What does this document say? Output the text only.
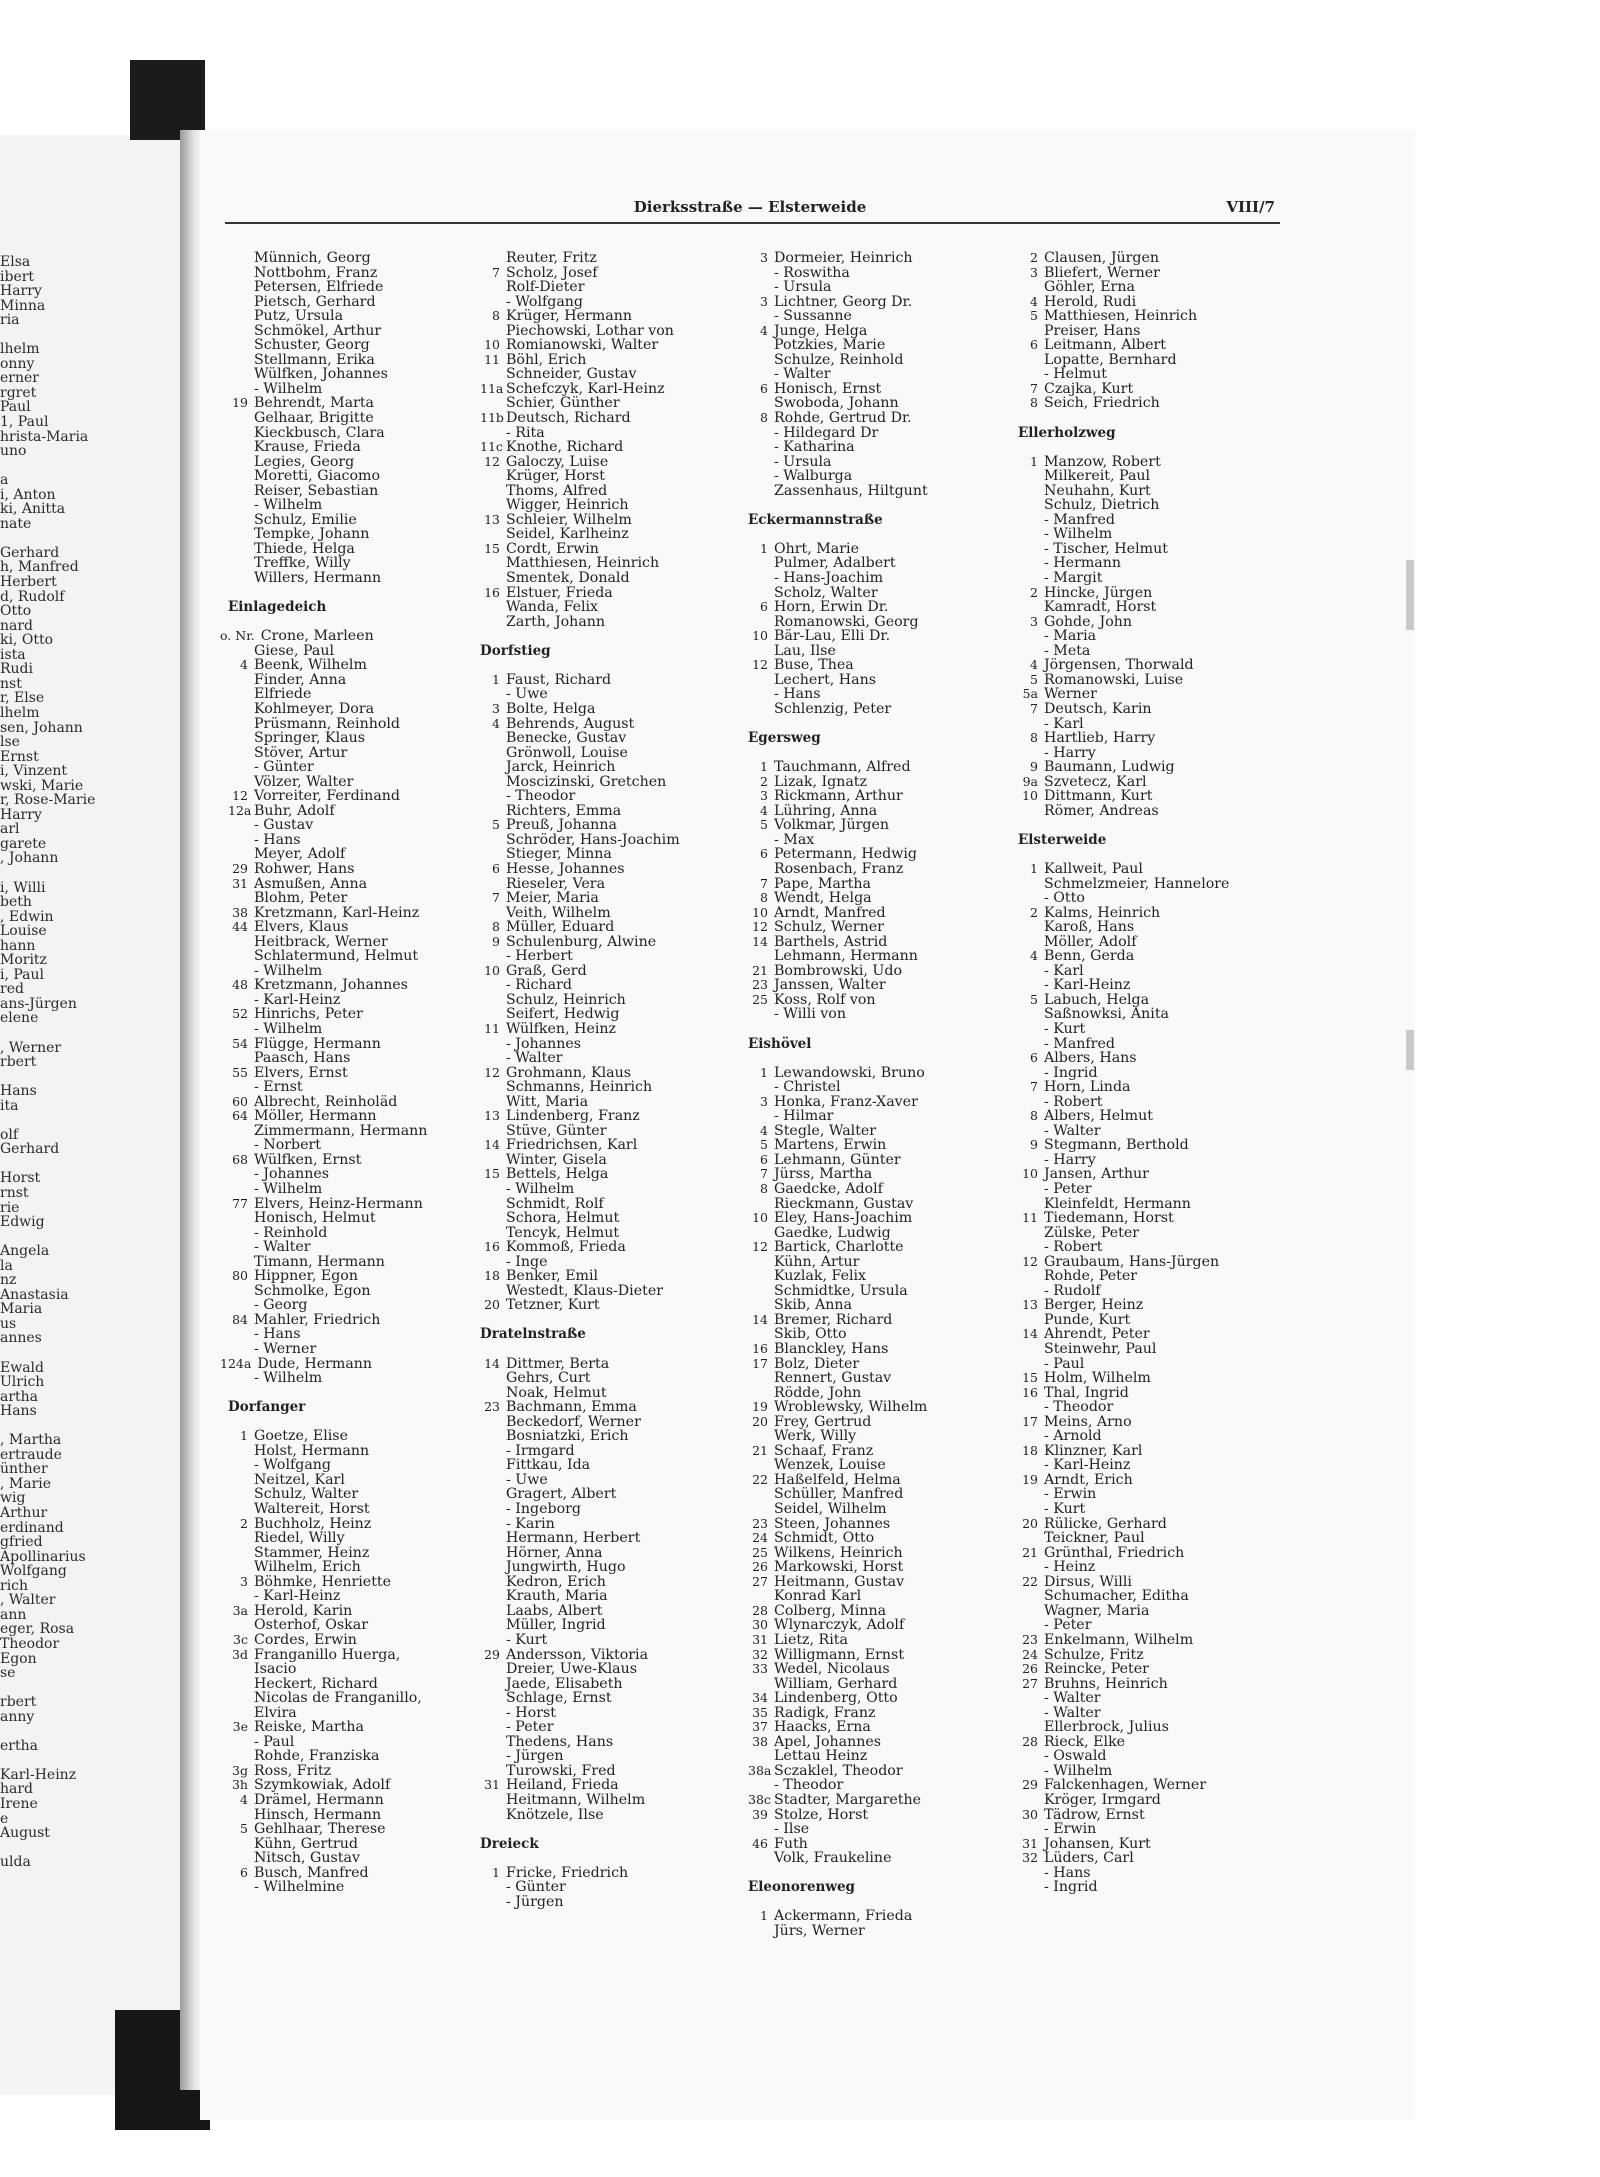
Elsa
ibert
Harry
Minna
ria
lhelm
onny
erner
rgret
Paul
1, Paul
hrista-Maria
uno
a
i, Anton
ki, Anitta
nate
Gerhard
h, Manfred
Herbert
d, Rudolf
Otto
nard
ki, Otto
ista
Rudi
nst
r, Else
lhelm
sen, Johann
lse
Ernst
i, Vinzent
wski, Marie
r, Rose-Marie
Harry
arl
garete
, Johann
i, Willi
beth
, Edwin
Louise
hann
Moritz
i, Paul
red
ans-Jürgen
elene
, Werner
rbert
Hans
ita
olf
Gerhard
Horst
rnst
rie
Edwig
Angela
la
nz
Anastasia
Maria
us
annes
Ewald
Ulrich
artha
Hans
, Martha
ertraude
ünther
, Marie
wig
Arthur
erdinand
gfried
Apollinarius
Wolfgang
rich
, Walter
ann
eger, Rosa
Theodor
Egon
se
rbert
anny
ertha
Karl-Heinz
hard
Irene
e
August
ulda
Dierksstraße — Elsterweide	VIII/7
Münnich, Georg
Nottbohm, Franz
Petersen, Elfriede
Pietsch, Gerhard
Putz, Ursula
Schmökel, Arthur
Schuster, Georg
Stellmann, Erika
Wülfken, Johannes
- Wilhelm
19 Behrendt, Marta
Gelhaar, Brigitte
Kieckbusch, Clara
Krause, Frieda
Legies, Georg
Moretti, Giacomo
Reiser, Sebastian
- Wilhelm
Schulz, Emilie
Tempke, Johann
Thiede, Helga
Treffke, Willy
Willers, Hermann
Einlagedeich
o. Nr. Crone, Marleen
Giese, Paul
4 Beenk, Wilhelm
Finder, Anna
Elfriede
Kohlmeyer, Dora
Prüsmann, Reinhold
Springer, Klaus
Stöver, Artur
- Günter
Völzer, Walter
12 Vorreiter, Ferdinand
12a Buhr, Adolf
- Gustav
- Hans
Meyer, Adolf
29 Rohwer, Hans
31 Asmußen, Anna
Blohm, Peter
38 Kretzmann, Karl-Heinz
44 Elvers, Klaus
Heitbrack, Werner
Schlatermund, Helmut
- Wilhelm
48 Kretzmann, Johannes
- Karl-Heinz
52 Hinrichs, Peter
- Wilhelm
54 Flügge, Hermann
Paasch, Hans
55 Elvers, Ernst
- Ernst
60 Albrecht, Reinholäd
64 Möller, Hermann
Zimmermann, Hermann
- Norbert
68 Wülfken, Ernst
- Johannes
- Wilhelm
77 Elvers, Heinz-Hermann
Honisch, Helmut
- Reinhold
- Walter
Timann, Hermann
80 Hippner, Egon
Schmolke, Egon
- Georg
84 Mahler, Friedrich
- Hans
- Werner
124a Dude, Hermann
- Wilhelm
Dorfanger
1 Goetze, Elise
Holst, Hermann
- Wolfgang
Neitzel, Karl
Schulz, Walter
Waltereit, Horst
2 Buchholz, Heinz
Riedel, Willy
Stammer, Heinz
Wilhelm, Erich
3 Böhmke, Henriette
- Karl-Heinz
3a Herold, Karin
Osterhof, Oskar
3c Cordes, Erwin
3d Franganillo Huerga,
Isacio
Heckert, Richard
Nicolas de Franganillo,
Elvira
3e Reiske, Martha
- Paul
Rohde, Franziska
3g Ross, Fritz
3h Szymkowiak, Adolf
4 Drämel, Hermann
Hinsch, Hermann
5 Gehlhaar, Therese
Kühn, Gertrud
Nitsch, Gustav
6 Busch, Manfred
- Wilhelmine
Reuter, Fritz
7 Scholz, Josef
Rolf-Dieter
- Wolfgang
8 Krüger, Hermann
Piechowski, Lothar von
10 Romianowski, Walter
11 Böhl, Erich
Schneider, Gustav
11a Schefczyk, Karl-Heinz
Schier, Günther
11b Deutsch, Richard
- Rita
11c Knothe, Richard
12 Galoczy, Luise
Krüger, Horst
Thoms, Alfred
Wigger, Heinrich
13 Schleier, Wilhelm
Seidel, Karlheinz
15 Cordt, Erwin
Matthiesen, Heinrich
Smentek, Donald
16 Elstuer, Frieda
Wanda, Felix
Zarth, Johann
Dorfstieg
1 Faust, Richard
- Uwe
3 Bolte, Helga
4 Behrends, August
Benecke, Gustav
Grönwoll, Louise
Jarck, Heinrich
Moscizinski, Gretchen
- Theodor
Richters, Emma
5 Preuß, Johanna
Schröder, Hans-Joachim
Stieger, Minna
6 Hesse, Johannes
Rieseler, Vera
7 Meier, Maria
Veith, Wilhelm
8 Müller, Eduard
9 Schulenburg, Alwine
- Herbert
10 Graß, Gerd
- Richard
Schulz, Heinrich
Seifert, Hedwig
11 Wülfken, Heinz
- Johannes
- Walter
12 Grohmann, Klaus
Schmanns, Heinrich
Witt, Maria
13 Lindenberg, Franz
Stüve, Günter
14 Friedrichsen, Karl
Winter, Gisela
15 Bettels, Helga
- Wilhelm
Schmidt, Rolf
Schora, Helmut
Tencyk, Helmut
16 Kommoß, Frieda
- Inge
18 Benker, Emil
Westedt, Klaus-Dieter
20 Tetzner, Kurt
Dratelnstraße
14 Dittmer, Berta
Gehrs, Curt
Noak, Helmut
23 Bachmann, Emma
Beckedorf, Werner
Bosniatzki, Erich
- Irmgard
Fittkau, Ida
- Uwe
Gragert, Albert
- Ingeborg
- Karin
Hermann, Herbert
Hörner, Anna
Jungwirth, Hugo
Kedron, Erich
Krauth, Maria
Laabs, Albert
Müller, Ingrid
- Kurt
29 Andersson, Viktoria
Dreier, Uwe-Klaus
Jaede, Elisabeth
Schlage, Ernst
- Horst
- Peter
Thedens, Hans
- Jürgen
Turowski, Fred
31 Heiland, Frieda
Heitmann, Wilhelm
Knötzele, Ilse
Dreieck
1 Fricke, Friedrich
- Günter
- Jürgen
3 Dormeier, Heinrich
- Roswitha
- Ursula
3 Lichtner, Georg Dr.
- Sussanne
4 Junge, Helga
Potzkies, Marie
Schulze, Reinhold
- Walter
6 Honisch, Ernst
Swoboda, Johann
8 Rohde, Gertrud Dr.
- Hildegard Dr
- Katharina
- Ursula
- Walburga
Zassenhaus, Hiltgunt
Eckermannstraße
1 Ohrt, Marie
Pulmer, Adalbert
- Hans-Joachim
Scholz, Walter
6 Horn, Erwin Dr.
Romanowski, Georg
10 Bär-Lau, Elli Dr.
Lau, Ilse
12 Buse, Thea
Lechert, Hans
- Hans
Schlenzig, Peter
Egersweg
1 Tauchmann, Alfred
2 Lizak, Ignatz
3 Rickmann, Arthur
4 Lühring, Anna
5 Volkmar, Jürgen
- Max
6 Petermann, Hedwig
Rosenbach, Franz
7 Pape, Martha
8 Wendt, Helga
10 Arndt, Manfred
12 Schulz, Werner
14 Barthels, Astrid
Lehmann, Hermann
21 Bombrowski, Udo
23 Janssen, Walter
25 Koss, Rolf von
- Willi von
Eishövel
1 Lewandowski, Bruno
- Christel
3 Honka, Franz-Xaver
- Hilmar
4 Stegle, Walter
5 Martens, Erwin
6 Lehmann, Günter
7 Jürss, Martha
8 Gaedcke, Adolf
Rieckmann, Gustav
10 Eley, Hans-Joachim
Gaedke, Ludwig
12 Bartick, Charlotte
Kühn, Artur
Kuzlak, Felix
Schmidtke, Ursula
Skib, Anna
14 Bremer, Richard
Skib, Otto
16 Blanckley, Hans
17 Bolz, Dieter
Rennert, Gustav
Rödde, John
19 Wroblewsky, Wilhelm
20 Frey, Gertrud
Werk, Willy
21 Schaaf, Franz
Wenzek, Louise
22 Haßelfeld, Helma
Schüller, Manfred
Seidel, Wilhelm
23 Steen, Johannes
24 Schmidt, Otto
25 Wilkens, Heinrich
26 Markowski, Horst
27 Heitmann, Gustav
Konrad Karl
28 Colberg, Minna
30 Wlynarczyk, Adolf
31 Lietz, Rita
32 Willigmann, Ernst
33 Wedel, Nicolaus
William, Gerhard
34 Lindenberg, Otto
35 Radigk, Franz
37 Haacks, Erna
38 Apel, Johannes
Lettau Heinz
38a Sczaklel, Theodor
- Theodor
38c Stadter, Margarethe
39 Stolze, Horst
- Ilse
46 Futh
Volk, Fraukeline
Eleonorenweg
1 Ackermann, Frieda
Jürs, Werner
2 Clausen, Jürgen
3 Bliefert, Werner
Göhler, Erna
4 Herold, Rudi
5 Matthiesen, Heinrich
Preiser, Hans
6 Leitmann, Albert
Lopatte, Bernhard
- Helmut
7 Czajka, Kurt
8 Seich, Friedrich
Ellerholzweg
1 Manzow, Robert
Milkereit, Paul
Neuhahn, Kurt
Schulz, Dietrich
- Manfred
- Wilhelm
- Tischer, Helmut
- Hermann
- Margit
2 Hincke, Jürgen
Kamradt, Horst
3 Gohde, John
- Maria
- Meta
4 Jörgensen, Thorwald
5 Romanowski, Luise
5a Werner
7 Deutsch, Karin
- Karl
8 Hartlieb, Harry
- Harry
9 Baumann, Ludwig
9a Szvetecz, Karl
10 Dittmann, Kurt
Römer, Andreas
Elsterweide
1 Kallweit, Paul
Schmelzmeier, Hannelore
- Otto
2 Kalms, Heinrich
Karoß, Hans
Möller, Adolf
4 Benn, Gerda
- Karl
- Karl-Heinz
5 Labuch, Helga
Saßnowksi, Anita
- Kurt
- Manfred
6 Albers, Hans
- Ingrid
7 Horn, Linda
- Robert
8 Albers, Helmut
- Walter
9 Stegmann, Berthold
- Harry
10 Jansen, Arthur
- Peter
Kleinfeldt, Hermann
11 Tiedemann, Horst
Zülske, Peter
- Robert
12 Graubaum, Hans-Jürgen
Rohde, Peter
- Rudolf
13 Berger, Heinz
Punde, Kurt
14 Ahrendt, Peter
Steinwehr, Paul
- Paul
15 Holm, Wilhelm
16 Thal, Ingrid
- Theodor
17 Meins, Arno
- Arnold
18 Klinzner, Karl
- Karl-Heinz
19 Arndt, Erich
- Erwin
- Kurt
20 Rülicke, Gerhard
Teickner, Paul
21 Grünthal, Friedrich
- Heinz
22 Dirsus, Willi
Schumacher, Editha
Wagner, Maria
- Peter
23 Enkelmann, Wilhelm
24 Schulze, Fritz
26 Reincke, Peter
27 Bruhns, Heinrich
- Walter
- Walter
Ellerbrock, Julius
28 Rieck, Elke
- Oswald
- Wilhelm
29 Falckenhagen, Werner
Kröger, Irmgard
30 Tädrow, Ernst
- Erwin
31 Johansen, Kurt
32 Lüders, Carl
- Hans
- Ingrid
